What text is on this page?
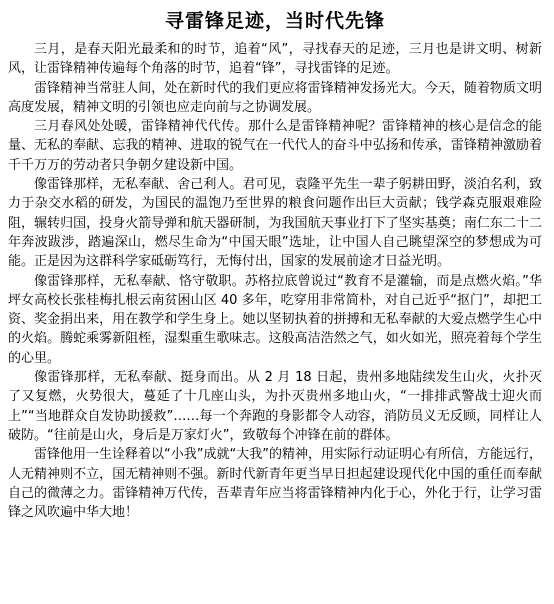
寻雷锋足迹，当时代先锋

三月，是春天阳光最柔和的时节，追着“风”，寻找春天的足迹，三月也是讲文明、树新风，让雷锋精神传遍每个角落的时节，追着“锋”，寻找雷锋的足迹。

雷锋精神当常驻人间，处在新时代的我们更应将雷锋精神发扬光大。今天，随着物质文明高度发展，精神文明的引领也应走向前与之协调发展。

三月春风处处暖，雷锋精神代代传。那什么是雷锋精神呢？雷锋精神的核心是信念的能量、无私的奉献、忘我的精神、进取的锐气在一代代人的奋斗中弘扬和传承，雷锋精神激励着千千万万的劳动者只争朝夕建设新中国。

像雷锋那样，无私奉献、舍己利人。君可见，袁隆平先生一辈子躬耕田野，淡泊名利，致力于杂交水稻的研发，为国民的温饱乃至世界的粮食问题作出巨大贡献；钱学森克服艰难险阻，辗转归国，投身火箭导弹和航天器研制，为我国航天事业打下了坚实基奠；南仁东二十二年奔波跋涉，踏遍深山，燃尽生命为“中国天眼”选址，让中国人自己眺望深空的梦想成为可能。正是因为这群科学家砥砺笃行，无悔付出，国家的发展前途才日益光明。

像雷锋那样，无私奉献、恪守敬职。苏格拉底曾说过“教育不是灌输，而是点燃火焰。”华坪女高校长张桂梅扎根云南贫困山区 40 多年，吃穿用非常简朴，对自己近乎“抠门”，却把工资、奖金捐出来，用在教学和学生身上。她以坚韧执着的拼搏和无私奉献的大爱点燃学生心中的火焰。腾蛇乘雾新阻桎，湿梨重生歌味志。这般高洁浩然之气，如火如光，照亮着每个学生的心里。

像雷锋那样，无私奉献、挺身而出。从 2 月 18 日起，贵州多地陆续发生山火，火扑灭了又复燃，火势很大，蔓延了十几座山头，为扑灭贵州多地山火，“一排排武警战士迎火而上”“当地群众自发协助援救”……每一个奔跑的身影都令人动容，消防员义无反顾，同样让人破防。“往前是山火，身后是万家灯火”，致敬每个冲锋在前的群体。

雷锋他用一生诠释着以“小我”成就“大我”的精神，用实际行动证明心有所信，方能远行，人无精神则不立，国无精神则不强。新时代新青年更当早日担起建设现代化中国的重任而奉献自己的微薄之力。雷锋精神万代传，吾辈青年应当将雷锋精神内化于心，外化于行，让学习雷锋之风吹遍中华大地！
